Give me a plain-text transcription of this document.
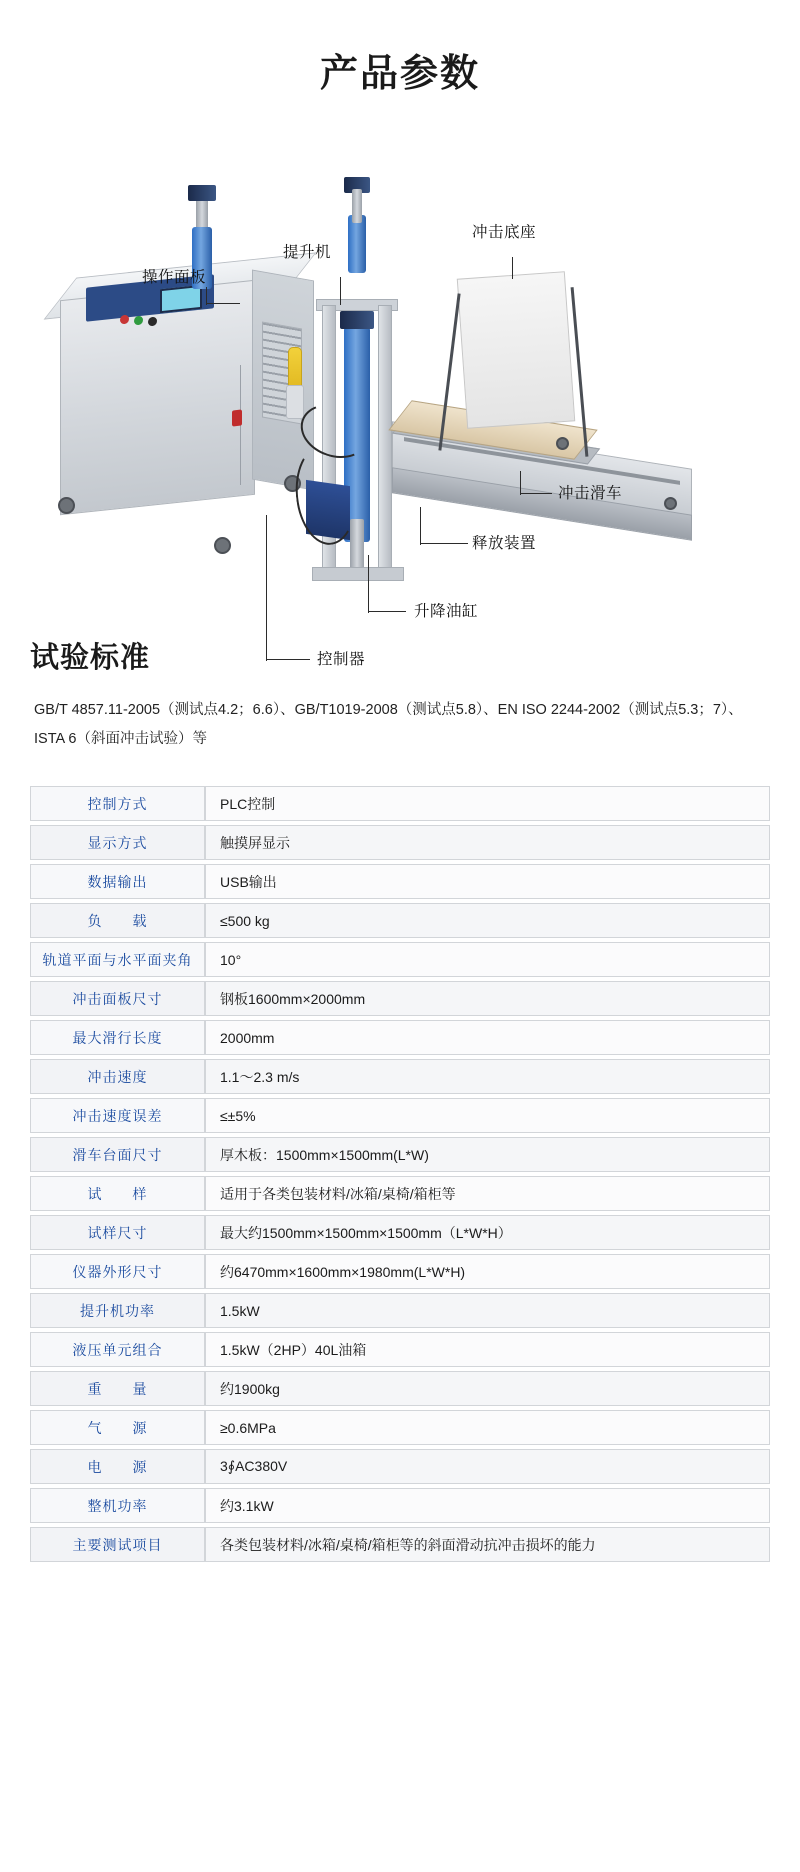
产品参数
操作面板
提升机
冲击底座
冲击滑车
释放装置
升降油缸
控制器
试验标准

GB/T 4857.11-2005（测试点4.2；6.6）、GB/T1019-2008（测试点5.8）、EN ISO 2244-2002（测试点5.3；7）、ISTA 6（斜面冲击试验）等

控制方式	PLC控制
显示方式	触摸屏显示
数据输出	USB输出
负　　载	≤500 kg
轨道平面与水平面夹角	10°
冲击面板尺寸	钢板1600mm×2000mm
最大滑行长度	2000mm
冲击速度	1.1～2.3 m/s
冲击速度误差	≤±5%
滑车台面尺寸	厚木板：1500mm×1500mm(L*W)
试　　样	适用于各类包装材料/冰箱/桌椅/箱柜等
试样尺寸	最大约1500mm×1500mm×1500mm（L*W*H）
仪器外形尺寸	约6470mm×1600mm×1980mm(L*W*H)
提升机功率	1.5kW
液压单元组合	1.5kW（2HP）40L油箱
重　　量	约1900kg
气　　源	≥0.6MPa
电　　源	3∮AC380V
整机功率	约3.1kW
主要测试项目	各类包装材料/冰箱/桌椅/箱柜等的斜面滑动抗冲击损坏的能力
